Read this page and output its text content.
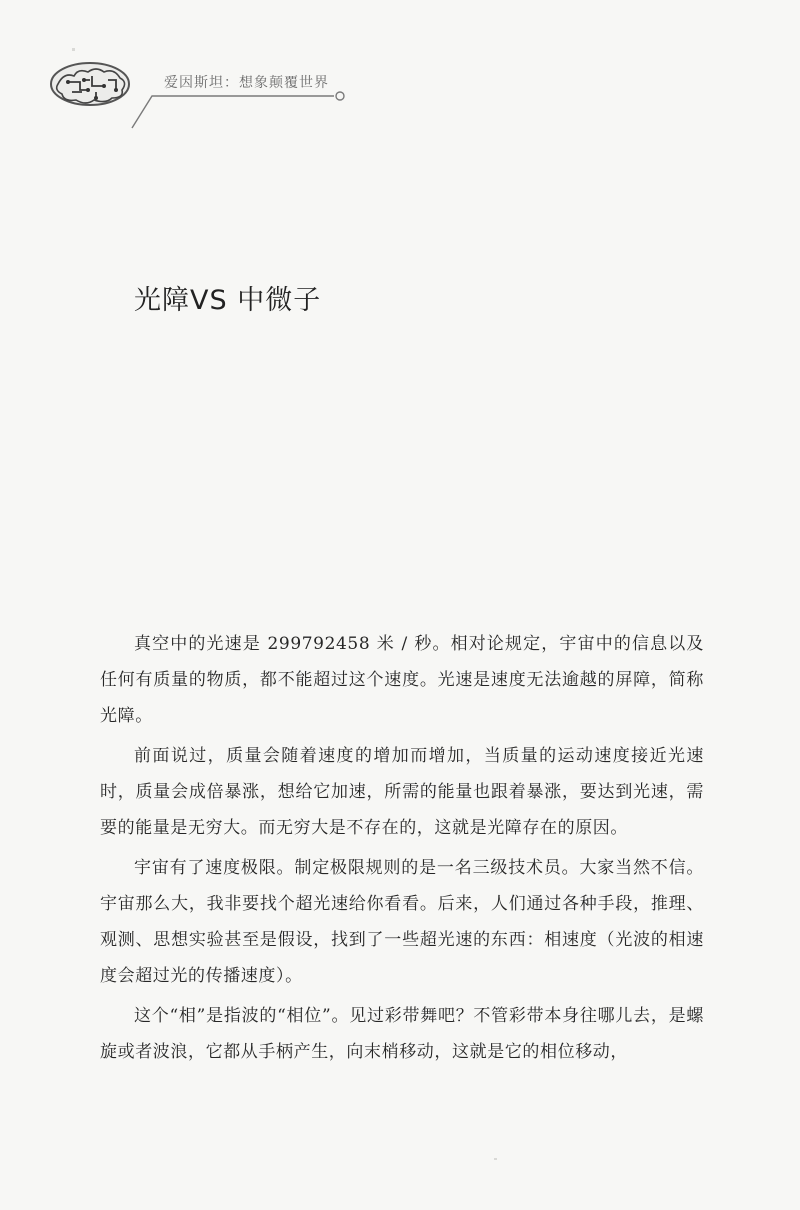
爱因斯坦：想象颠覆世界
光障VS 中微子

真空中的光速是 299792458 米 / 秒。相对论规定，宇宙中的信息以及任何有质量的物质，都不能超过这个速度。光速是速度无法逾越的屏障，简称光障。

前面说过，质量会随着速度的增加而增加，当质量的运动速度接近光速时，质量会成倍暴涨，想给它加速，所需的能量也跟着暴涨，要达到光速，需要的能量是无穷大。而无穷大是不存在的，这就是光障存在的原因。

宇宙有了速度极限。制定极限规则的是一名三级技术员。大家当然不信。宇宙那么大，我非要找个超光速给你看看。后来，人们通过各种手段，推理、观测、思想实验甚至是假设，找到了一些超光速的东西：相速度（光波的相速度会超过光的传播速度）。

这个“相”是指波的“相位”。见过彩带舞吧？不管彩带本身往哪儿去，是螺旋或者波浪，它都从手柄产生，向末梢移动，这就是它的相位移动，
